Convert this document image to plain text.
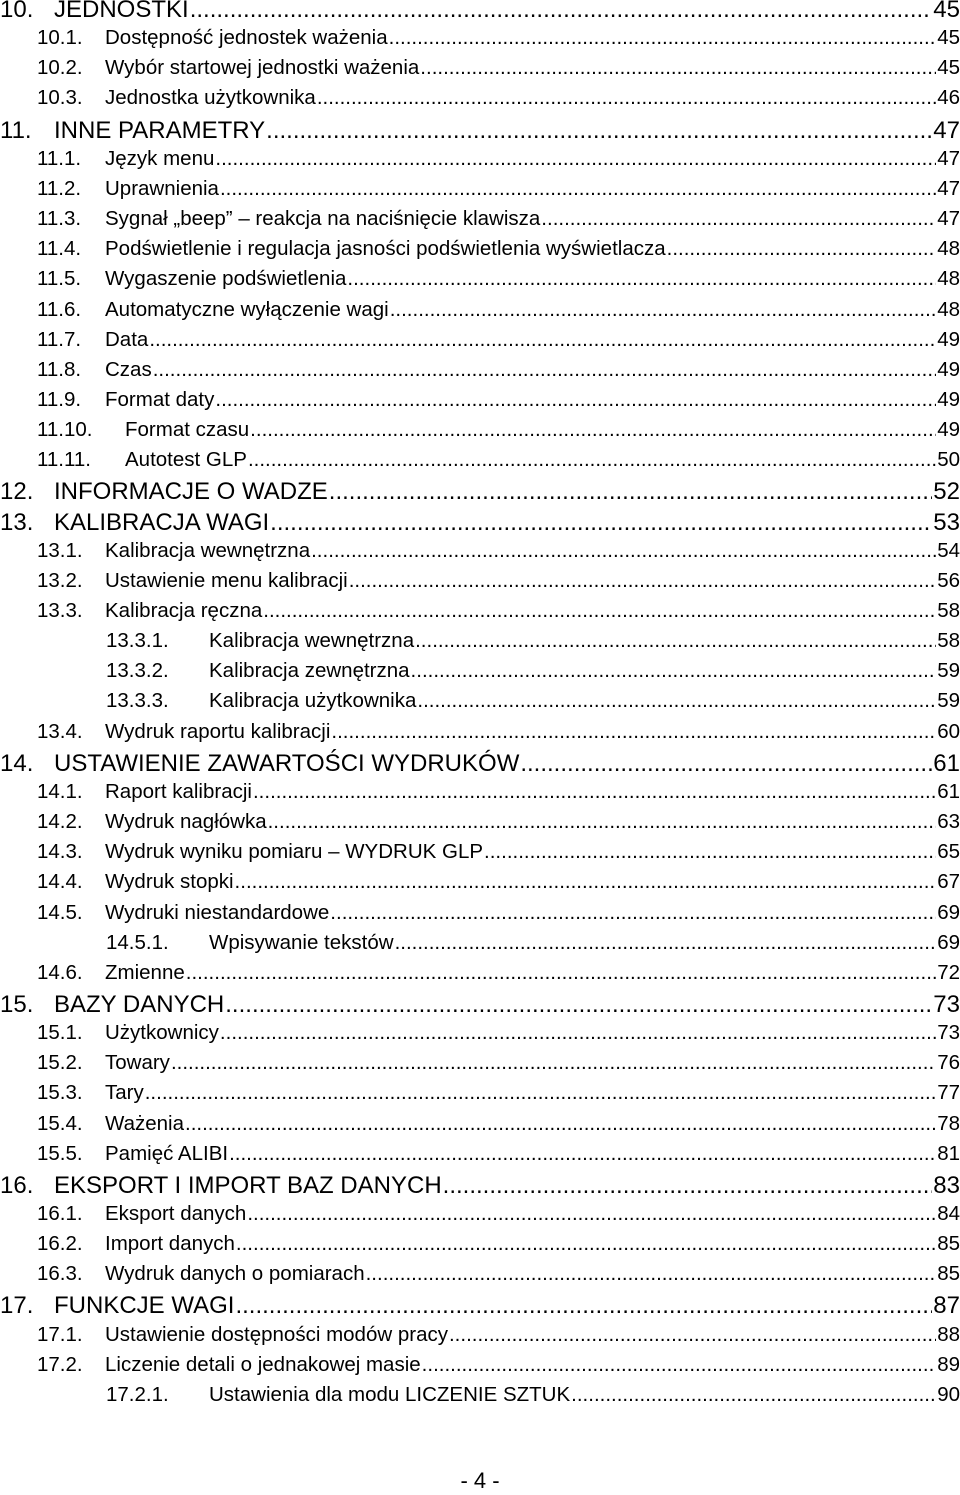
10. JEDNOSTKI .....	45
10.1.	Dostępność jednostek ważenia .....	45
10.2.	Wybór startowej jednostki ważenia .....	45
10.3.	Jednostka użytkownika .....	46
11. INNE PARAMETRY .....	47
11.1.	Język menu .....	47
11.2.	Uprawnienia .....	47
11.3.	Sygnał „beep” – reakcja na naciśnięcie klawisza .....	47
11.4.	Podświetlenie i regulacja jasności podświetlenia wyświetlacza .....	48
11.5.	Wygaszenie podświetlenia .....	48
11.6.	Automatyczne wyłączenie wagi .....	48
11.7.	Data .....	49
11.8.	Czas .....	49
11.9.	Format daty .....	49
11.10.	Format czasu .....	49
11.11.	Autotest GLP .....	50
12. INFORMACJE O WADZE .....	52
13. KALIBRACJA WAGI .....	53
13.1.	Kalibracja wewnętrzna .....	54
13.2.	Ustawienie menu kalibracji .....	56
13.3.	Kalibracja ręczna .....	58
13.3.1.	Kalibracja wewnętrzna .....	58
13.3.2.	Kalibracja zewnętrzna .....	59
13.3.3.	Kalibracja użytkownika .....	59
13.4.	Wydruk raportu kalibracji .....	60
14. USTAWIENIE ZAWARTOŚCI WYDRUKÓW .....	61
14.1.	Raport kalibracji .....	61
14.2.	Wydruk nagłówka .....	63
14.3.	Wydruk wyniku pomiaru – WYDRUK GLP .....	65
14.4.	Wydruk stopki .....	67
14.5.	Wydruki niestandardowe .....	69
14.5.1.	Wpisywanie tekstów .....	69
14.6.	Zmienne .....	72
15. BAZY DANYCH .....	73
15.1.	Użytkownicy .....	73
15.2.	Towary .....	76
15.3.	Tary .....	77
15.4.	Ważenia .....	78
15.5.	Pamięć ALIBI .....	81
16. EKSPORT I IMPORT BAZ DANYCH .....	83
16.1.	Eksport danych .....	84
16.2.	Import danych .....	85
16.3.	Wydruk danych o pomiarach .....	85
17. FUNKCJE WAGI .....	87
17.1.	Ustawienie dostępności modów pracy .....	88
17.2.	Liczenie detali o jednakowej masie .....	89
17.2.1.	Ustawienia dla modu LICZENIE SZTUK .....	90
- 4 -
